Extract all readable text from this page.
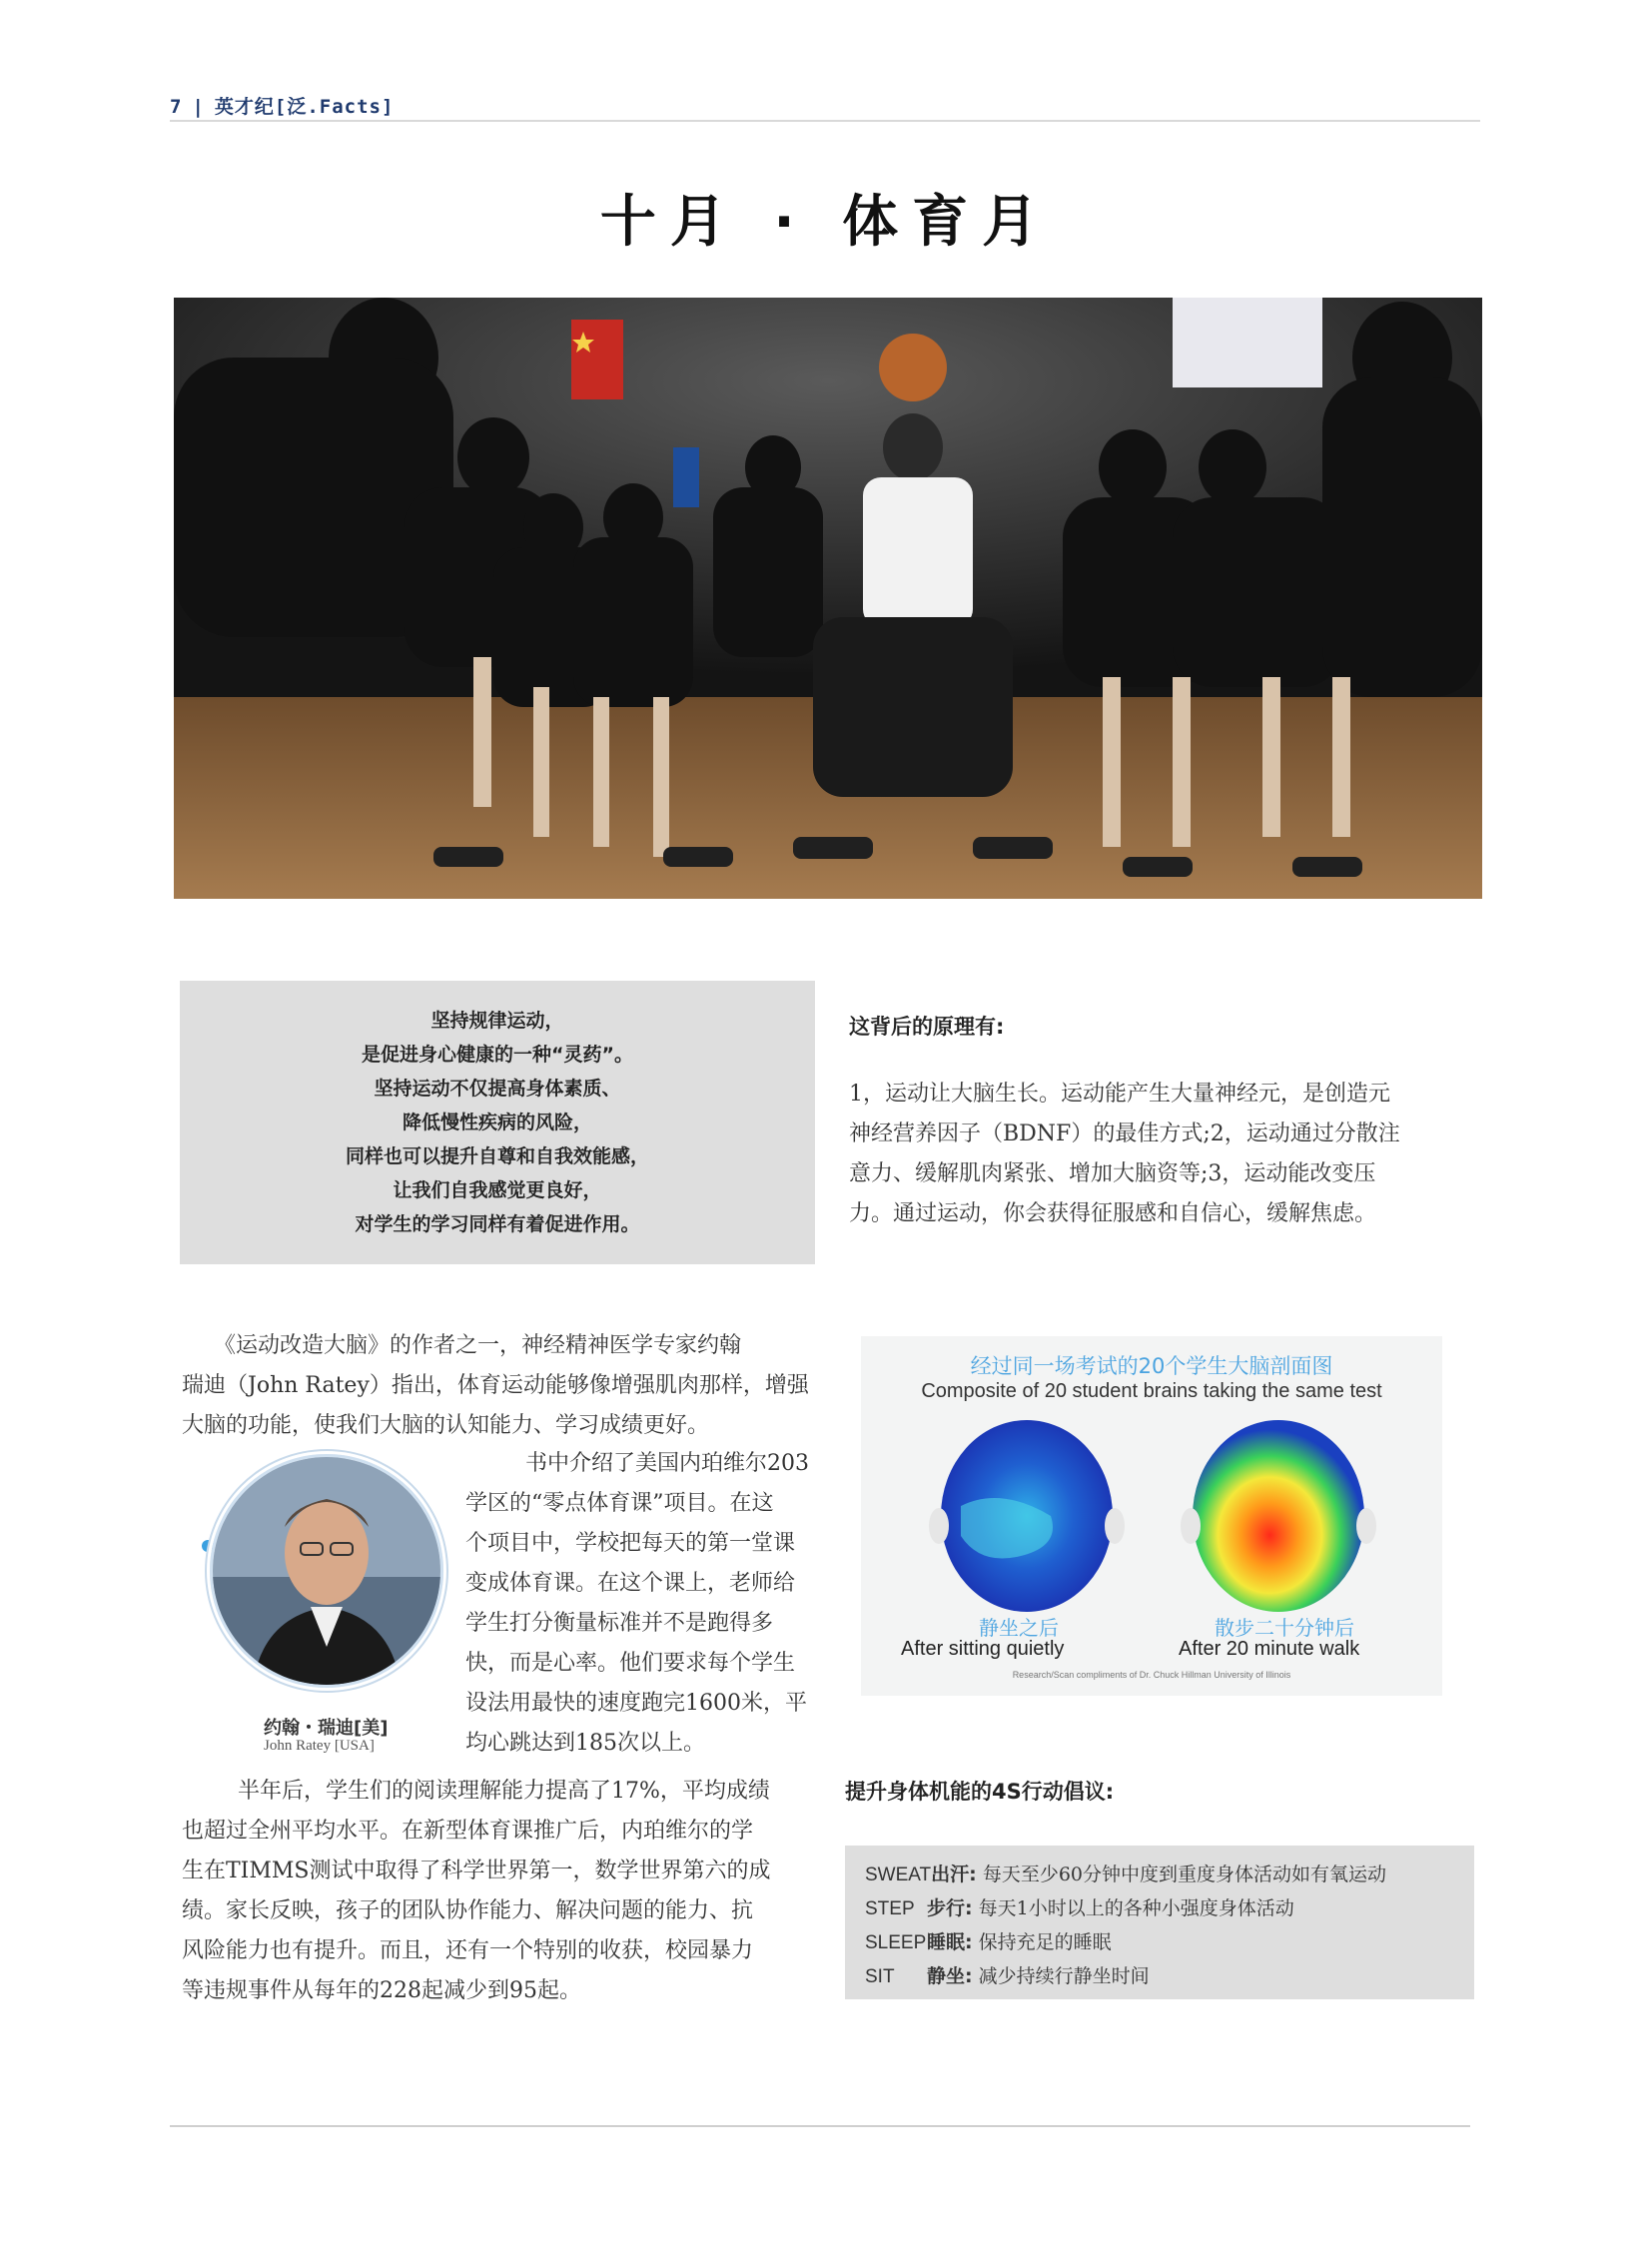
7 | 英才纪[泛.Facts]
十月 · 体育月
坚持规律运动，
是促进身心健康的一种“灵药”。
坚持运动不仅提高身体素质、
降低慢性疾病的风险，
同样也可以提升自尊和自我效能感，
让我们自我感觉更良好，
对学生的学习同样有着促进作用。
这背后的原理有:
1，运动让大脑生长。运动能产生大量神经元，是创造元
神经营养因子（BDNF）的最佳方式;2，运动通过分散注
意力、缓解肌肉紧张、增加大脑资等;3，运动能改变压
力。通过运动，你会获得征服感和自信心，缓解焦虑。
《运动改造大脑》的作者之一，神经精神医学专家约翰
瑞迪（John Ratey）指出，体育运动能够像增强肌肉那样，增强
大脑的功能，使我们大脑的认知能力、学习成绩更好。
约翰・瑞迪[美]
John Ratey [USA]
书中介绍了美国内珀维尔203
学区的“零点体育课”项目。在这
个项目中，学校把每天的第一堂课
变成体育课。在这个课上，老师给
学生打分衡量标准并不是跑得多
快，而是心率。他们要求每个学生
设法用最快的速度跑完1600米，平
均心跳达到185次以上。
半年后，学生们的阅读理解能力提高了17%，平均成绩
也超过全州平均水平。在新型体育课推广后，内珀维尔的学
生在TIMMS测试中取得了科学世界第一，数学世界第六的成
绩。家长反映，孩子的团队协作能力、解决问题的能力、抗
风险能力也有提升。而且，还有一个特别的收获，校园暴力
等违规事件从每年的228起减少到95起。
经过同一场考试的20个学生大脑剖面图
Composite of 20 student brains taking the same test
静坐之后
After sitting quietly
散步二十分钟后
After 20 minute walk
Research/Scan compliments of Dr. Chuck Hillman University of Illinois
提升身体机能的4S行动倡议:
SWEAT出汗: 每天至少60分钟中度到重度身体活动如有氧运动
STEP 步行: 每天1小时以上的各种小强度身体活动
SLEEP睡眠: 保持充足的睡眠
SIT 静坐: 减少持续行静坐时间
